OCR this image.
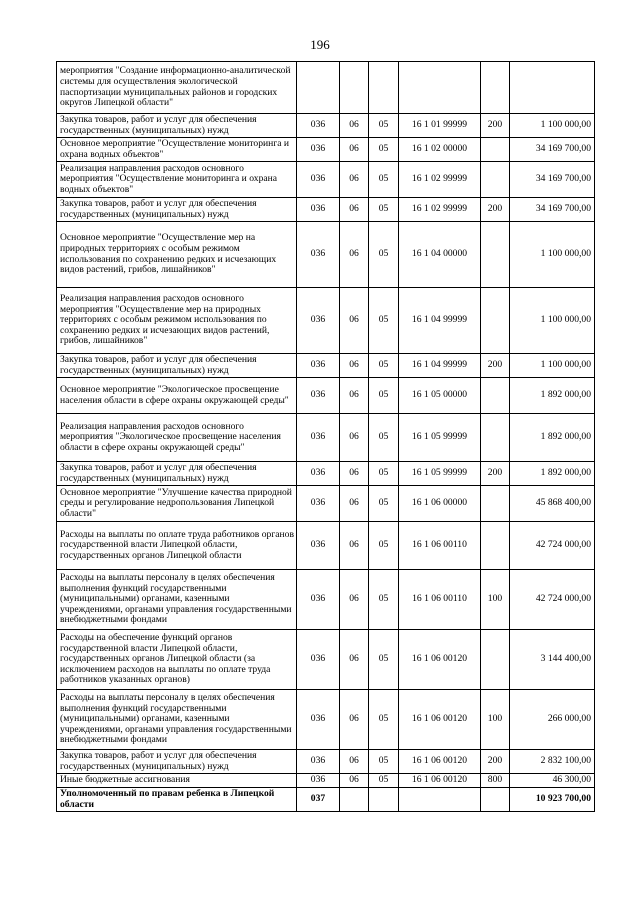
196
мероприятия "Создание информационно-аналитической системы для осуществления экологической паспортизации муниципальных районов и городских округов Липецкой области"						
Закупка товаров, работ и услуг для обеспечения государственных (муниципальных) нужд	036	06	05	16 1 01 99999	200	1 100 000,00
Основное мероприятие "Осуществление мониторинга и охрана водных объектов"	036	06	05	16 1 02 00000		34 169 700,00
Реализация направления расходов основного мероприятия "Осуществление мониторинга и охрана водных объектов"	036	06	05	16 1 02 99999		34 169 700,00
Закупка товаров, работ и услуг для обеспечения государственных (муниципальных) нужд	036	06	05	16 1 02 99999	200	34 169 700,00
Основное мероприятие "Осуществление мер на природных территориях с особым режимом использования по сохранению редких и исчезающих видов растений, грибов, лишайников"	036	06	05	16 1 04 00000		1 100 000,00
Реализация направления расходов основного мероприятия "Осуществление мер на природных территориях с особым режимом использования по сохранению редких и исчезающих видов растений, грибов, лишайников"	036	06	05	16 1 04 99999		1 100 000,00
Закупка товаров, работ и услуг для обеспечения государственных (муниципальных) нужд	036	06	05	16 1 04 99999	200	1 100 000,00
Основное мероприятие "Экологическое просвещение населения области в сфере охраны окружающей среды"	036	06	05	16 1 05 00000		1 892 000,00
Реализация направления расходов основного мероприятия "Экологическое просвещение населения области в сфере охраны окружающей среды"	036	06	05	16 1 05 99999		1 892 000,00
Закупка товаров, работ и услуг для обеспечения государственных (муниципальных) нужд	036	06	05	16 1 05 99999	200	1 892 000,00
Основное мероприятие "Улучшение качества природной среды и регулирование недропользования Липецкой области"	036	06	05	16 1 06 00000		45 868 400,00
Расходы на выплаты по оплате труда работников органов государственной власти Липецкой области, государственных органов Липецкой области	036	06	05	16 1 06 00110		42 724 000,00
Расходы на выплаты персоналу в целях обеспечения выполнения функций государственными (муниципальными) органами, казенными учреждениями, органами управления государственными внебюджетными фондами	036	06	05	16 1 06 00110	100	42 724 000,00
Расходы на обеспечение функций органов государственной власти Липецкой области, государственных органов Липецкой области (за исключением расходов на выплаты по оплате труда работников указанных органов)	036	06	05	16 1 06 00120		3 144 400,00
Расходы на выплаты персоналу в целях обеспечения выполнения функций государственными (муниципальными) органами, казенными учреждениями, органами управления государственными внебюджетными фондами	036	06	05	16 1 06 00120	100	266 000,00
Закупка товаров, работ и услуг для обеспечения государственных (муниципальных) нужд	036	06	05	16 1 06 00120	200	2 832 100,00
Иные бюджетные ассигнования	036	06	05	16 1 06 00120	800	46 300,00
Уполномоченный по правам ребенка в Липецкой области	037					10 923 700,00
